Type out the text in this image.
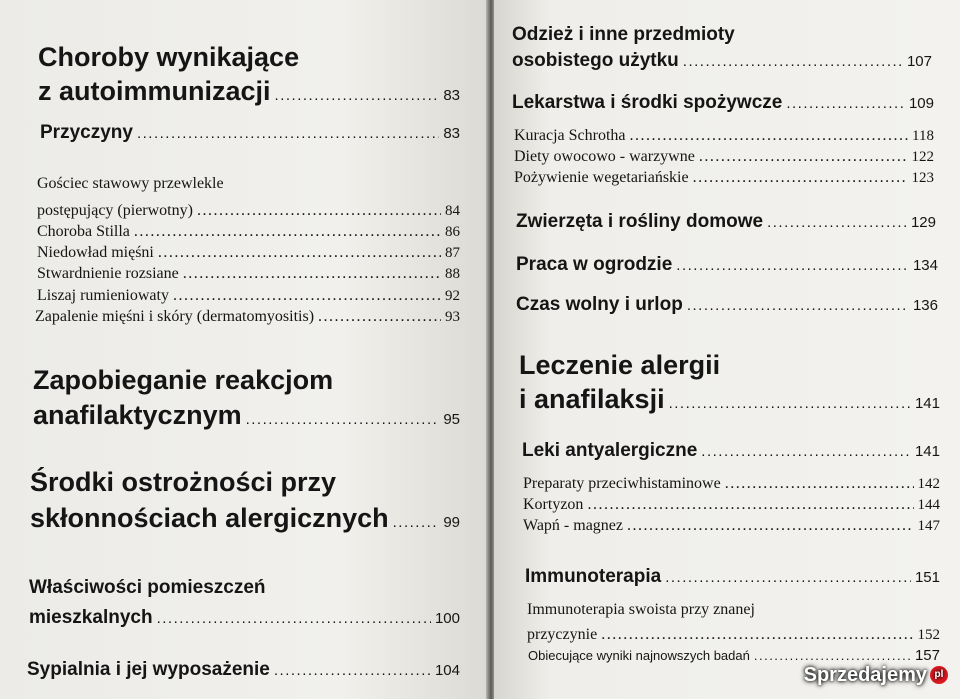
Choroby wynikające
z autoimmunizacji .....	83
Przyczyny .....	83
Gościec stawowy przewlekle
postępujący (pierwotny) .....	84
Choroba Stilla .....	86
Niedowład mięśni .....	87
Stwardnienie rozsiane .....	88
Liszaj rumieniowaty .....	92
Zapalenie mięśni i skóry (dermatomyositis) .....	93
Zapobieganie reakcjom
anafilaktycznym .....	95
Środki ostrożności przy
skłonnościach alergicznych .....	99
Właściwości pomieszczeń
mieszkalnych .....	100
Sypialnia i jej wyposażenie .....	104
Odzież i inne przedmioty
osobistego użytku .....	107
Lekarstwa i środki spożywcze .....	109
Kuracja Schrotha .....	118
Diety owocowo - warzywne .....	122
Pożywienie wegetariańskie .....	123
Zwierzęta i rośliny domowe .....	129
Praca w ogrodzie .....	134
Czas wolny i urlop .....	136
Leczenie alergii
i anafilaksji .....	141
Leki antyalergiczne .....	141
Preparaty przeciwhistaminowe .....	142
Kortyzon .....	144
Wapń - magnez .....	147
Immunoterapia .....	151
Immunoterapia swoista przy znanej
przyczynie .....	152
Obiecujące wyniki najnowszych badań .....	157
Sprzedajemy pl
